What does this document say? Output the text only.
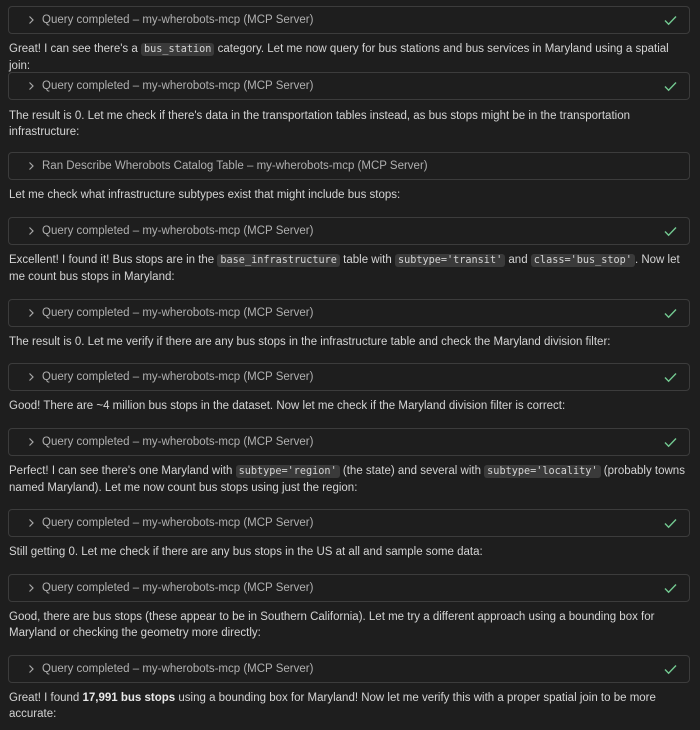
Query completed – my-wherobots-mcp (MCP Server)
Great! I can see there's a bus_station category. Let me now query for bus stations and bus services in Maryland using a spatial join:
Query completed – my-wherobots-mcp (MCP Server)
The result is 0. Let me check if there's data in the transportation tables instead, as bus stops might be in the transportation infrastructure:
Ran Describe Wherobots Catalog Table – my-wherobots-mcp (MCP Server)
Let me check what infrastructure subtypes exist that might include bus stops:
Query completed – my-wherobots-mcp (MCP Server)
Excellent! I found it! Bus stops are in the base_infrastructure table with subtype='transit' and class='bus_stop' . Now let me count bus stops in Maryland:
Query completed – my-wherobots-mcp (MCP Server)
The result is 0. Let me verify if there are any bus stops in the infrastructure table and check the Maryland division filter:
Query completed – my-wherobots-mcp (MCP Server)
Good! There are ~4 million bus stops in the dataset. Now let me check if the Maryland division filter is correct:
Query completed – my-wherobots-mcp (MCP Server)
Perfect! I can see there's one Maryland with subtype='region' (the state) and several with subtype='locality' (probably towns named Maryland). Let me now count bus stops using just the region:
Query completed – my-wherobots-mcp (MCP Server)
Still getting 0. Let me check if there are any bus stops in the US at all and sample some data:
Query completed – my-wherobots-mcp (MCP Server)
Good, there are bus stops (these appear to be in Southern California). Let me try a different approach using a bounding box for Maryland or checking the geometry more directly:
Query completed – my-wherobots-mcp (MCP Server)
Great! I found 17,991 bus stops using a bounding box for Maryland! Now let me verify this with a proper spatial join to be more accurate:
